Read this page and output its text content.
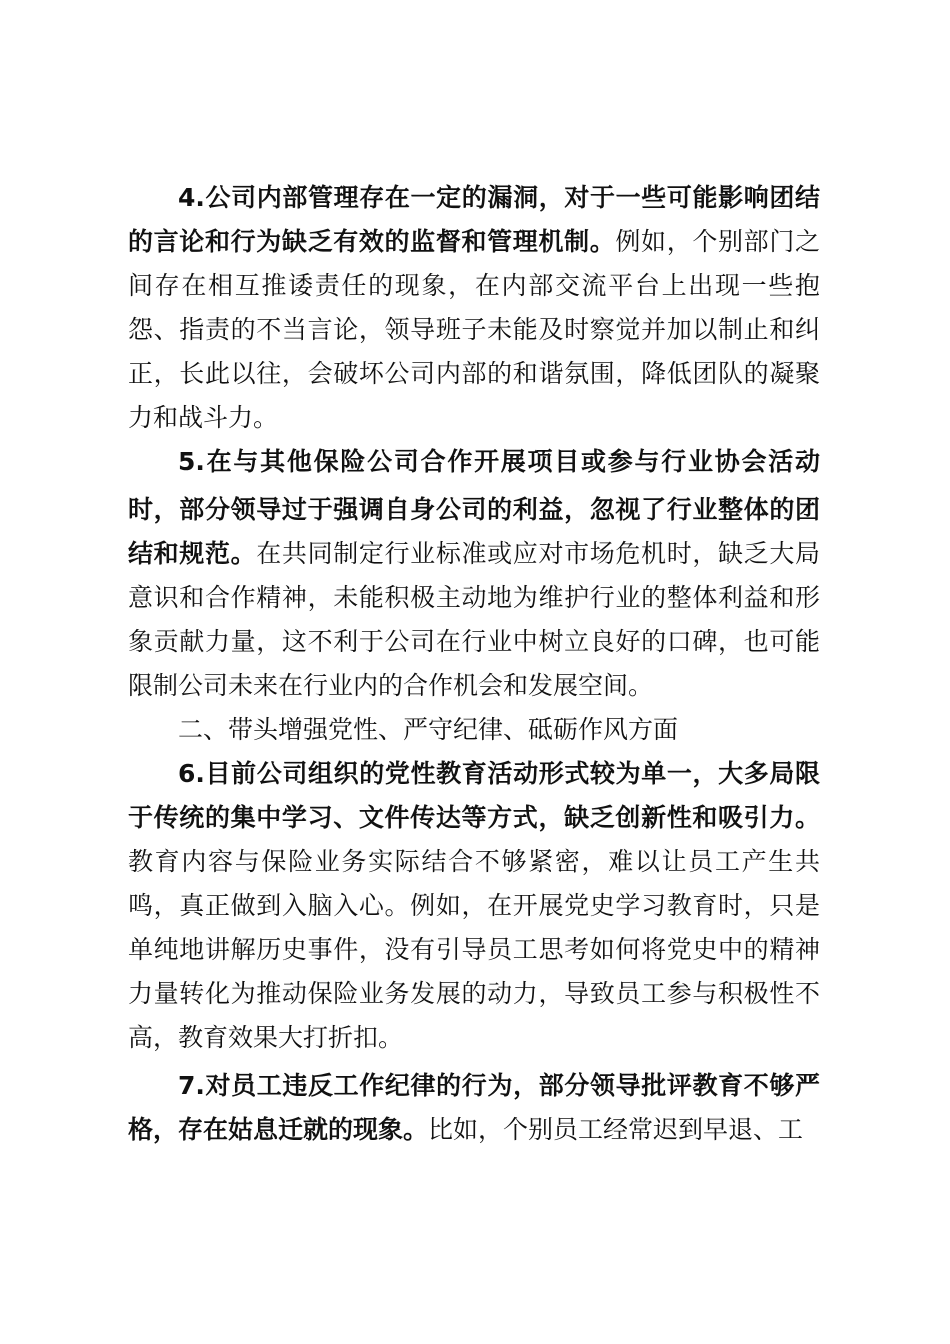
4.公司内部管理存在一定的漏洞，对于一些可能影响团结
的言论和行为缺乏有效的监督和管理机制。例如，个别部门之
间存在相互推诿责任的现象，在内部交流平台上出现一些抱
怨、指责的不当言论，领导班子未能及时察觉并加以制止和纠
正，长此以往，会破坏公司内部的和谐氛围，降低团队的凝聚
力和战斗力。
5.在与其他保险公司合作开展项目或参与行业协会活动
时，部分领导过于强调自身公司的利益，忽视了行业整体的团
结和规范。在共同制定行业标准或应对市场危机时，缺乏大局
意识和合作精神，未能积极主动地为维护行业的整体利益和形
象贡献力量，这不利于公司在行业中树立良好的口碑，也可能
限制公司未来在行业内的合作机会和发展空间。
二、带头增强党性、严守纪律、砥砺作风方面
6.目前公司组织的党性教育活动形式较为单一，大多局限
于传统的集中学习、文件传达等方式，缺乏创新性和吸引力。
教育内容与保险业务实际结合不够紧密，难以让员工产生共
鸣，真正做到入脑入心。例如，在开展党史学习教育时，只是
单纯地讲解历史事件，没有引导员工思考如何将党史中的精神
力量转化为推动保险业务发展的动力，导致员工参与积极性不
高，教育效果大打折扣。
7.对员工违反工作纪律的行为，部分领导批评教育不够严
格，存在姑息迁就的现象。比如，个别员工经常迟到早退、工
